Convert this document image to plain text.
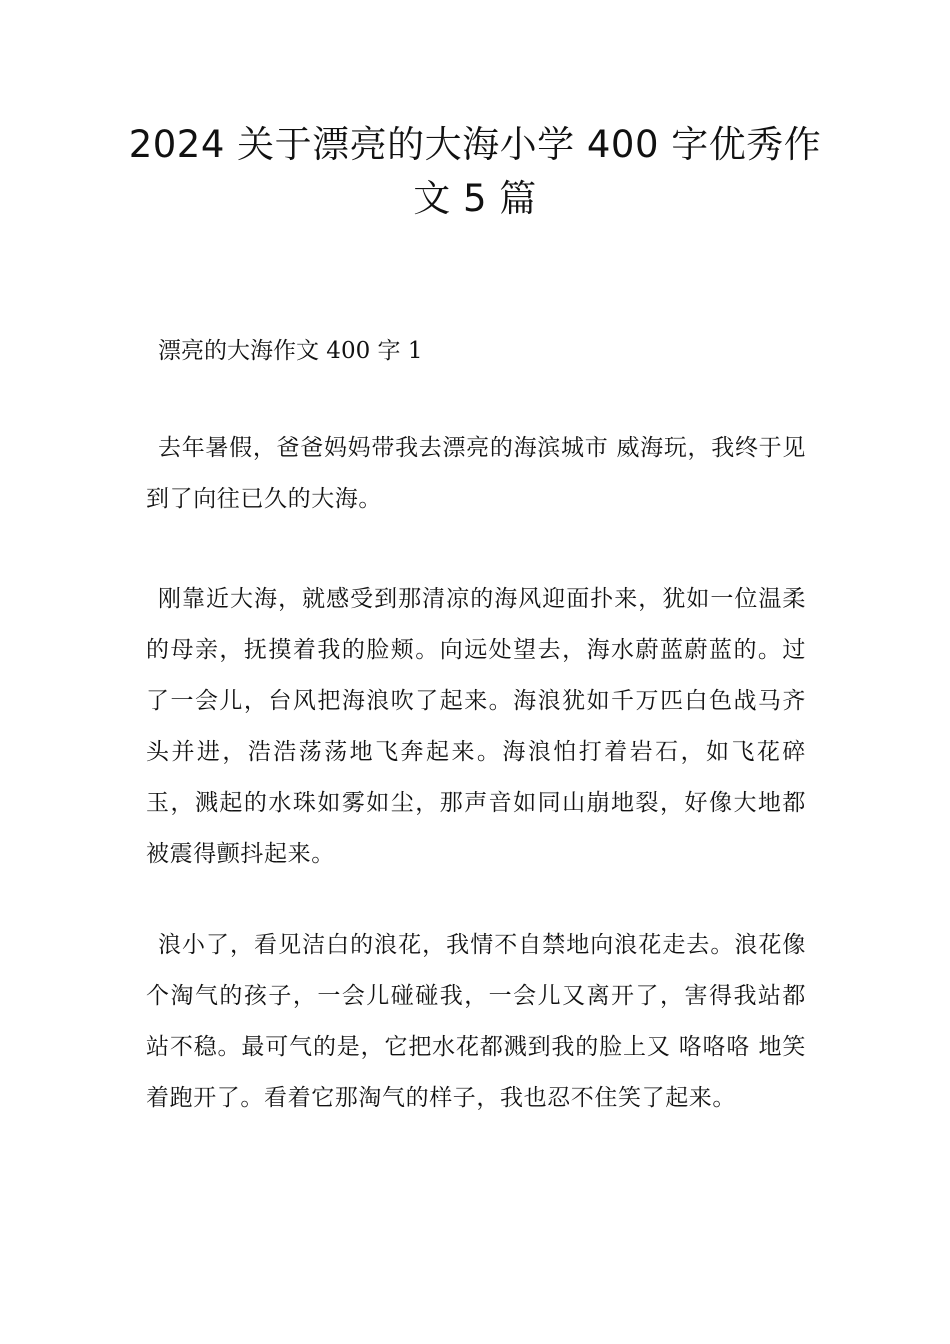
2024 关于漂亮的大海小学 400 字优秀作
文 5 篇
漂亮的大海作文 400 字 1

去年暑假，爸爸妈妈带我去漂亮的海滨城市 威海玩，我终于见到了向往已久的大海。

刚靠近大海，就感受到那清凉的海风迎面扑来，犹如一位温柔的母亲，抚摸着我的脸颊。向远处望去，海水蔚蓝蔚蓝的。过了一会儿，台风把海浪吹了起来。海浪犹如千万匹白色战马齐头并进，浩浩荡荡地飞奔起来。海浪怕打着岩石，如飞花碎玉，溅起的水珠如雾如尘，那声音如同山崩地裂，好像大地都被震得颤抖起来。

浪小了，看见洁白的浪花，我情不自禁地向浪花走去。浪花像个淘气的孩子，一会儿碰碰我，一会儿又离开了，害得我站都站不稳。最可气的是，它把水花都溅到我的脸上又 咯咯咯 地笑着跑开了。看着它那淘气的样子，我也忍不住笑了起来。
